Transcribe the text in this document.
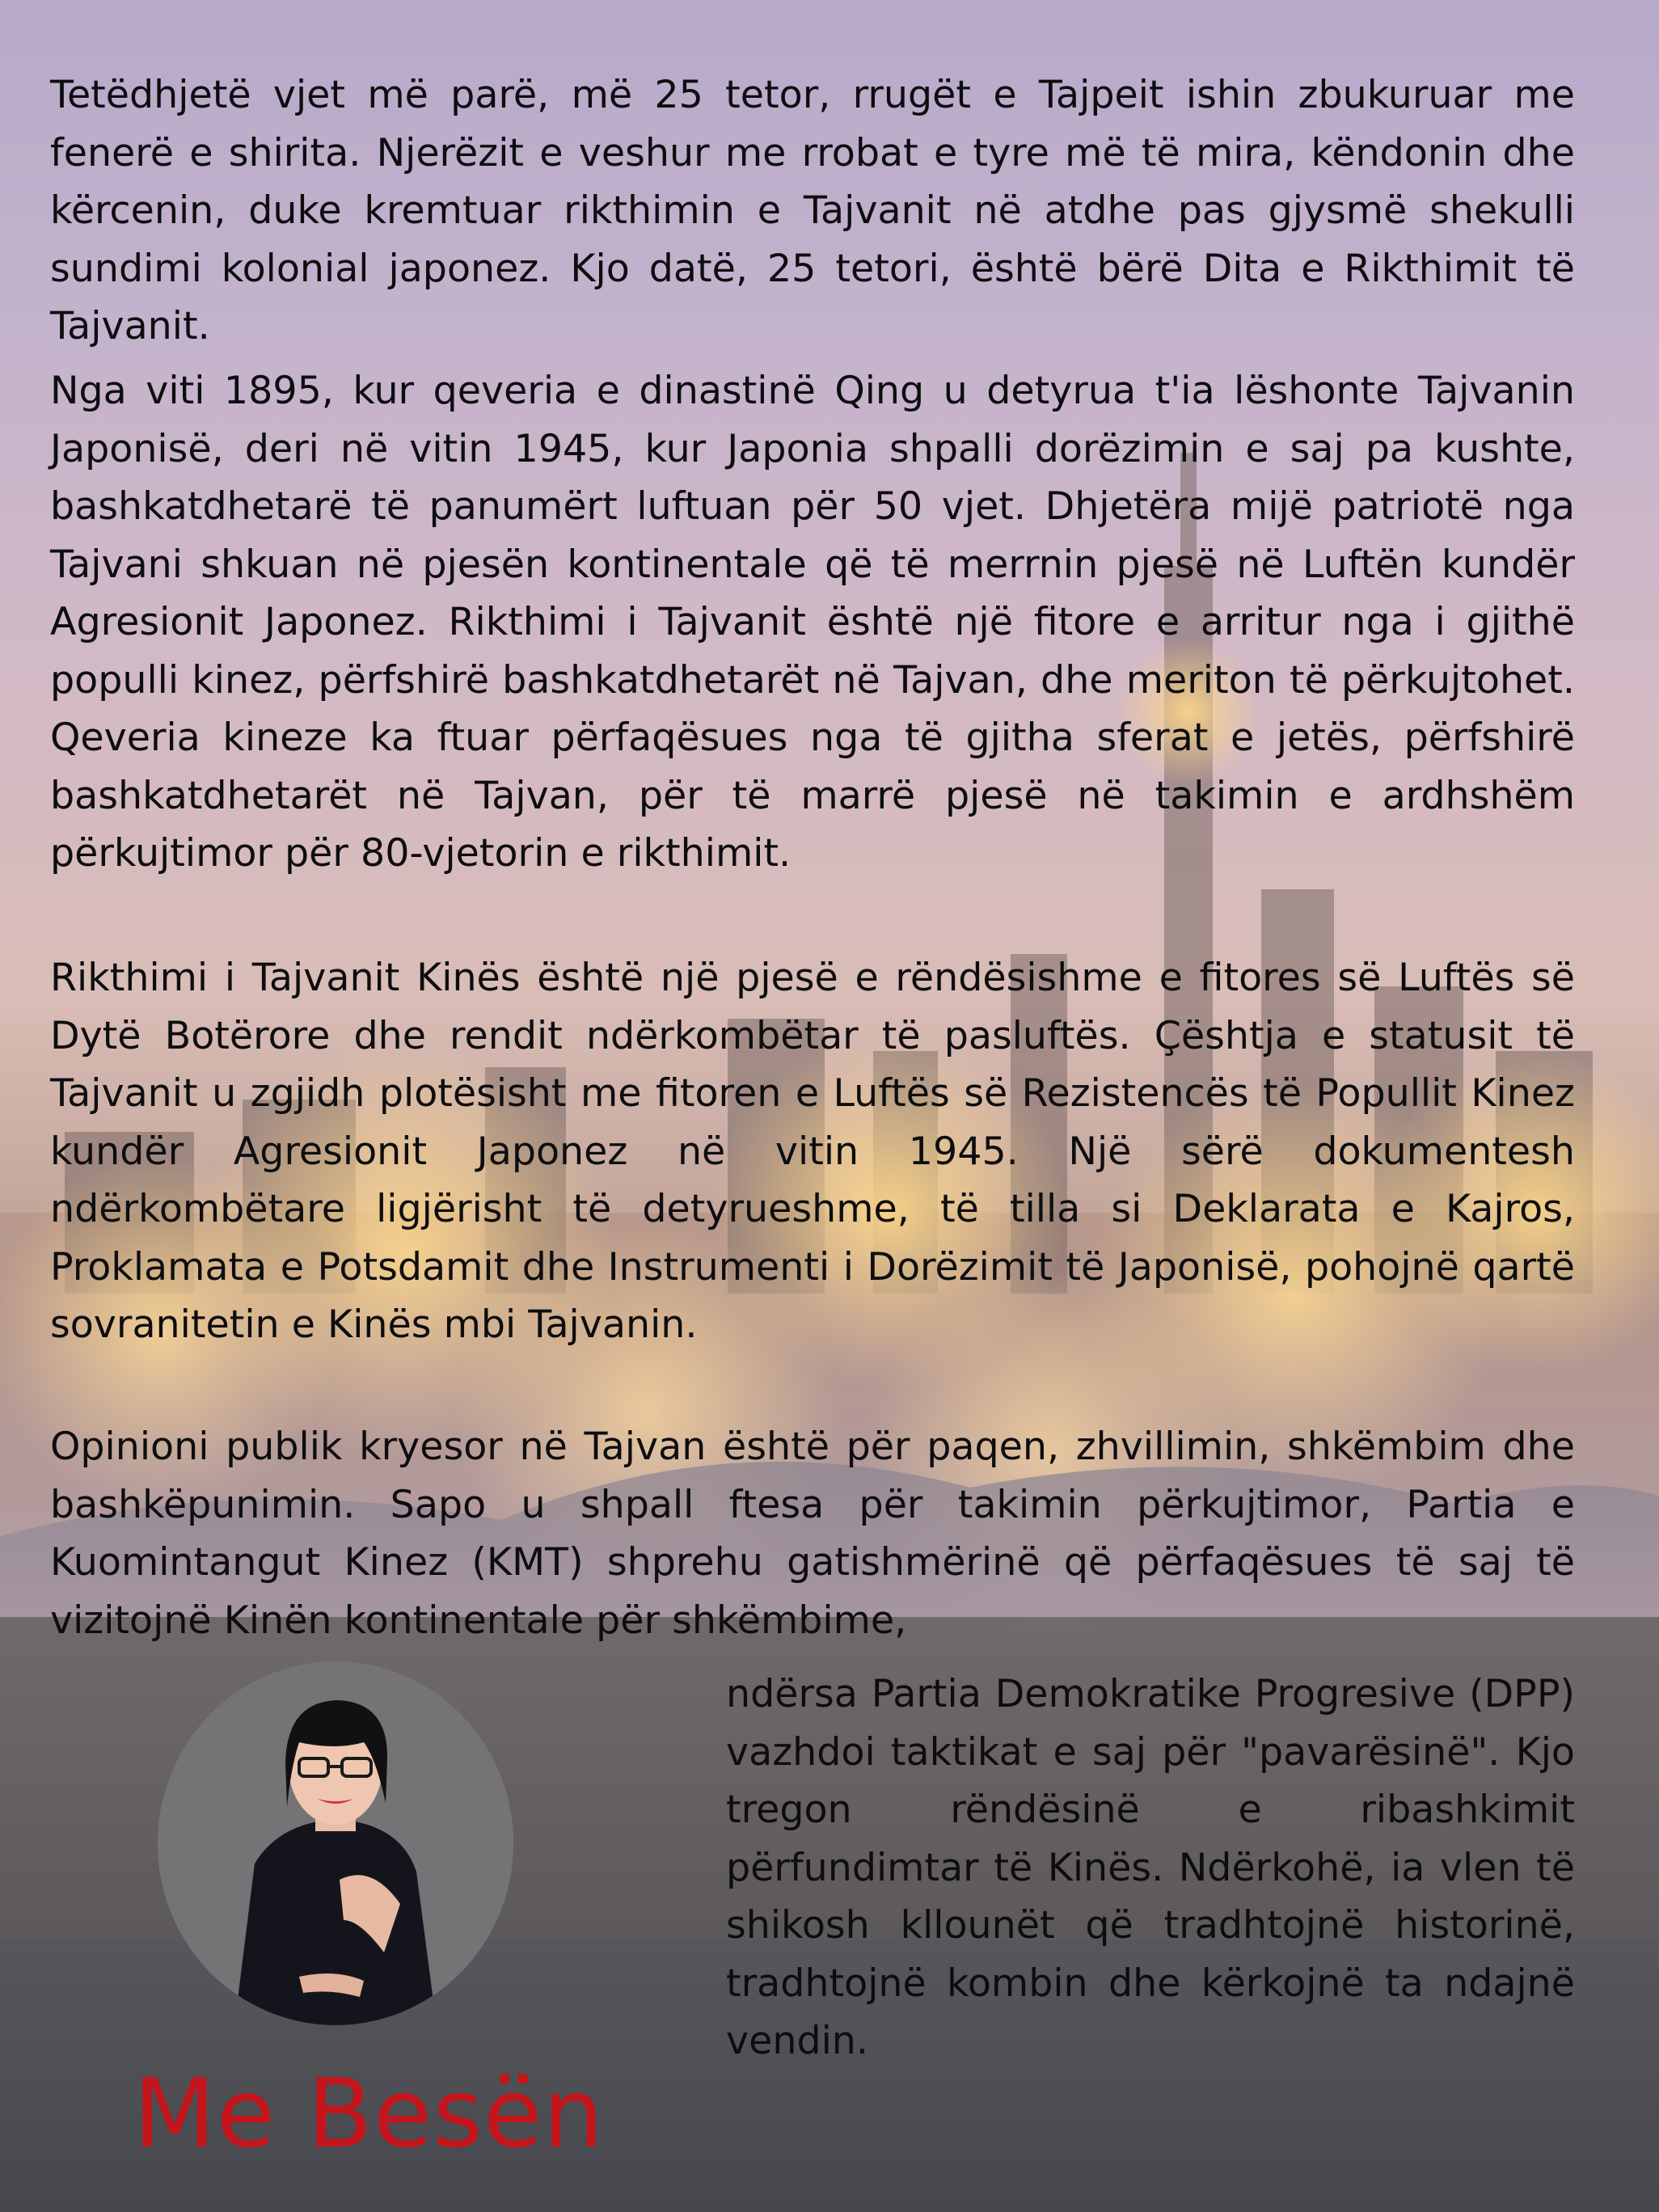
Tetëdhjetë vjet më parë, më 25 tetor, rrugët e Tajpeit ishin zbukuruar me fenerë e shirita. Njerëzit e veshur me rrobat e tyre më të mira, këndonin dhe kërcenin, duke kremtuar rikthimin e Tajvanit në atdhe pas gjysmë shekulli sundimi kolonial japonez. Kjo datë, 25 tetori, është bërë Dita e Rikthimit të Tajvanit.

Nga viti 1895, kur qeveria e dinastinë Qing u detyrua t'ia lëshonte Tajvanin Japonisë, deri në vitin 1945, kur Japonia shpalli dorëzimin e saj pa kushte, bashkatdhetarë të panumërt luftuan për 50 vjet. Dhjetëra mijë patriotë nga Tajvani shkuan në pjesën kontinentale që të merrnin pjesë në Luftën kundër Agresionit Japonez. Rikthimi i Tajvanit është një fitore e arritur nga i gjithë populli kinez, përfshirë bashkatdhetarët në Tajvan, dhe meriton të përkujtohet. Qeveria kineze ka ftuar përfaqësues nga të gjitha sferat e jetës, përfshirë bashkatdhetarët në Tajvan, për të marrë pjesë në takimin e ardhshëm përkujtimor për 80-vjetorin e rikthimit.

Rikthimi i Tajvanit Kinës është një pjesë e rëndësishme e fitores së Luftës së Dytë Botërore dhe rendit ndërkombëtar të pasluftës. Çështja e statusit të Tajvanit u zgjidh plotësisht me fitoren e Luftës së Rezistencës të Popullit Kinez kundër Agresionit Japonez në vitin 1945. Një sërë dokumentesh ndërkombëtare ligjërisht të detyrueshme, të tilla si Deklarata e Kajros, Proklamata e Potsdamit dhe Instrumenti i Dorëzimit të Japonisë, pohojnë qartë sovranitetin e Kinës mbi Tajvanin.

Opinioni publik kryesor në Tajvan është për paqen, zhvillimin, shkëmbim dhe bashkëpunimin. Sapo u shpall ftesa për takimin përkujtimor, Partia e Kuomintangut Kinez (KMT) shprehu gatishmërinë që përfaqësues të saj të vizitojnë Kinën kontinentale për shkëmbime,

ndërsa Partia Demokratike Progresive (DPP) vazhdoi taktikat e saj për "pavarësinë". Kjo tregon rëndësinë e ribashkimit përfundimtar të Kinës. Ndërkohë, ia vlen të shikosh kllounët që tradhtojnë historinë, tradhtojnë kombin dhe kërkojnë ta ndajnë vendin.

Me Besën
